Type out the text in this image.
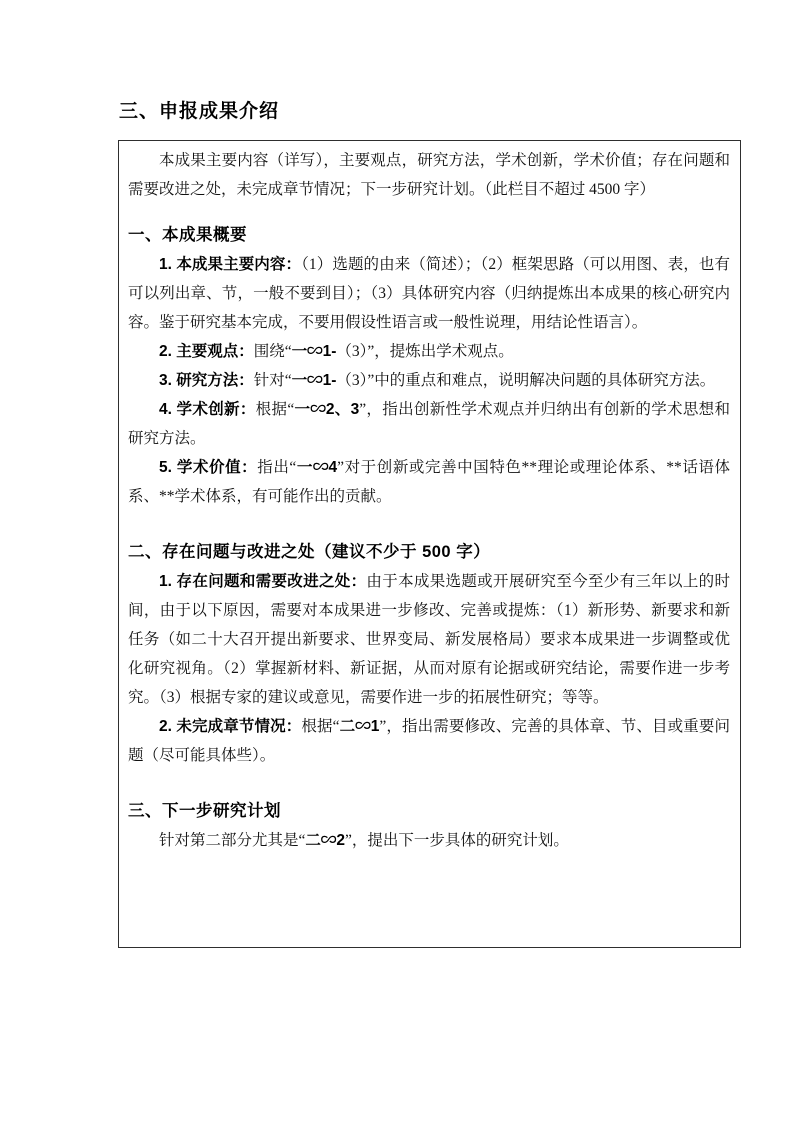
三、申报成果介绍

本成果主要内容（详写），主要观点，研究方法，学术创新，学术价值；存在问题和需要改进之处，未完成章节情况；下一步研究计划。（此栏目不超过 4500 字）

一、本成果概要

1. 本成果主要内容：（1）选题的由来（简述）；（2）框架思路（可以用图、表，也有可以列出章、节，一般不要到目）；（3）具体研究内容（归纳提炼出本成果的核心研究内容。鉴于研究基本完成，不要用假设性语言或一般性说理，用结论性语言）。

2. 主要观点：围绕“一∽1-（3）”，提炼出学术观点。

3. 研究方法：针对“一∽1-（3）”中的重点和难点，说明解决问题的具体研究方法。

4. 学术创新：根据“一∽2、3”，指出创新性学术观点并归纳出有创新的学术思想和研究方法。

5. 学术价值：指出“一∽4”对于创新或完善中国特色**理论或理论体系、**话语体系、**学术体系，有可能作出的贡献。

二、存在问题与改进之处（建议不少于 500 字）

1. 存在问题和需要改进之处：由于本成果选题或开展研究至今至少有三年以上的时间，由于以下原因，需要对本成果进一步修改、完善或提炼：（1）新形势、新要求和新任务（如二十大召开提出新要求、世界变局、新发展格局）要求本成果进一步调整或优化研究视角。（2）掌握新材料、新证据，从而对原有论据或研究结论，需要作进一步考究。（3）根据专家的建议或意见，需要作进一步的拓展性研究；等等。

2. 未完成章节情况：根据“二∽1”，指出需要修改、完善的具体章、节、目或重要问题（尽可能具体些）。

三、下一步研究计划

针对第二部分尤其是“二∽2”，提出下一步具体的研究计划。
